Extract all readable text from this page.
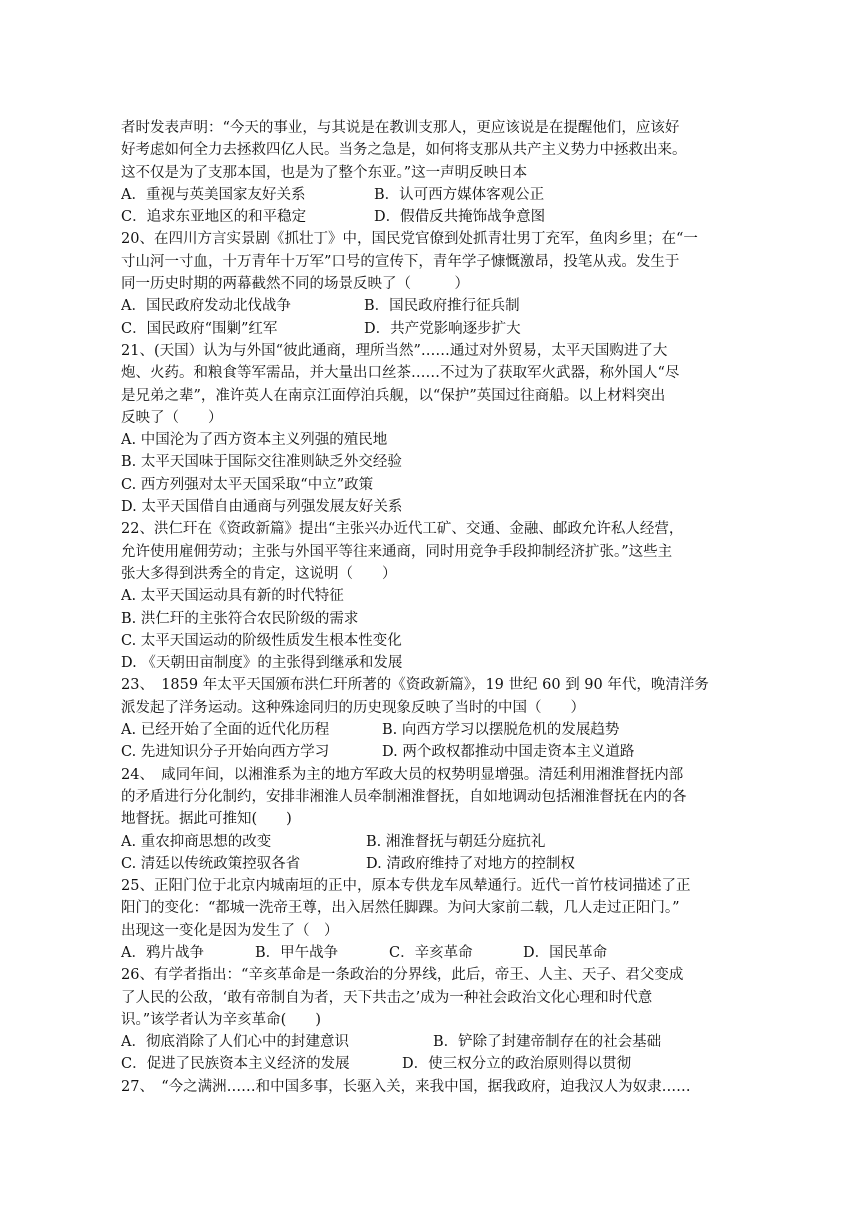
者时发表声明：“今天的事业，与其说是在教训支那人，更应该说是在提醒他们，应该好
好考虑如何全力去拯救四亿人民。当务之急是，如何将支那从共产主义势力中拯救出来。
这不仅是为了支那本国，也是为了整个东亚。”这一声明反映日本
A．重视与英美国家友好关系	B．认可西方媒体客观公正
C．追求东亚地区的和平稳定	D．假借反共掩饰战争意图
20、在四川方言实景剧《抓壮丁》中，国民党官僚到处抓青壮男丁充军，鱼肉乡里；在“一
寸山河一寸血，十万青年十万军”口号的宣传下，青年学子慷慨激昂，投笔从戎。发生于
同一历史时期的两幕截然不同的场景反映了（　　　）
A．国民政府发动北伐战争	B．国民政府推行征兵制
C．国民政府“围剿”红军	D．共产党影响逐步扩大
21、(天国）认为与外国“彼此通商，理所当然”……通过对外贸易，太平天国购进了大
炮、火药。和粮食等军需品，并大量出口丝茶……不过为了获取军火武器，称外国人“尽
是兄弟之辈”，准许英人在南京江面停泊兵舰，以“保护”英国过往商船。以上材料突出
反映了（　　）
A. 中国沦为了西方资本主义列强的殖民地
B. 太平天国味于国际交往准则缺乏外交经验
C. 西方列强对太平天国采取“中立”政策
D. 太平天国借自由通商与列强发展友好关系
22、洪仁玕在《资政新篇》提出“主张兴办近代工矿、交通、金融、邮政允许私人经营，
允许使用雇佣劳动；主张与外国平等往来通商，同时用竞争手段抑制经济扩张。”这些主
张大多得到洪秀全的肯定，这说明（　　）
A. 太平天国运动具有新的时代特征
B. 洪仁玕的主张符合农民阶级的需求
C. 太平天国运动的阶级性质发生根本性变化
D. 《天朝田亩制度》的主张得到继承和发展
23、　1859 年太平天国颁布洪仁玕所著的《资政新篇》，19 世纪 60 到 90 年代，晚清洋务
派发起了洋务运动。这种殊途同归的历史现象反映了当时的中国（　　）
A. 已经开始了全面的近代化历程	B. 向西方学习以摆脱危机的发展趋势
C. 先进知识分子开始向西方学习	D. 两个政权都推动中国走资本主义道路
24、　咸同年间，以湘淮系为主的地方军政大员的权势明显增强。清廷利用湘淮督抚内部
的矛盾进行分化制约，安排非湘淮人员牵制湘淮督抚，自如地调动包括湘淮督抚在内的各
地督抚。据此可推知(　　)
A. 重农抑商思想的改变	B. 湘淮督抚与朝廷分庭抗礼
C. 清廷以传统政策控驭各省	D. 清政府维持了对地方的控制权
25、正阳门位于北京内城南垣的正中，原本专供龙车凤辇通行。近代一首竹枝词描述了正
阳门的变化：“都城一洗帝王尊，出入居然任脚踝。为问大家前二载，几人走过正阳门。”
出现这一变化是因为发生了（　）
A．鸦片战争	B．甲午战争	C．辛亥革命	D．国民革命
26、有学者指出：“辛亥革命是一条政治的分界线，此后，帝王、人主、天子、君父变成
了人民的公敌，‘敢有帝制自为者，天下共击之’成为一种社会政治文化心理和时代意
识。”该学者认为辛亥革命(　　)
A．彻底消除了人们心中的封建意识	B．铲除了封建帝制存在的社会基础
C．促进了民族资本主义经济的发展	D．使三权分立的政治原则得以贯彻
27、　“今之满洲……和中国多事，长驱入关，来我中国，据我政府，迫我汉人为奴隶……
